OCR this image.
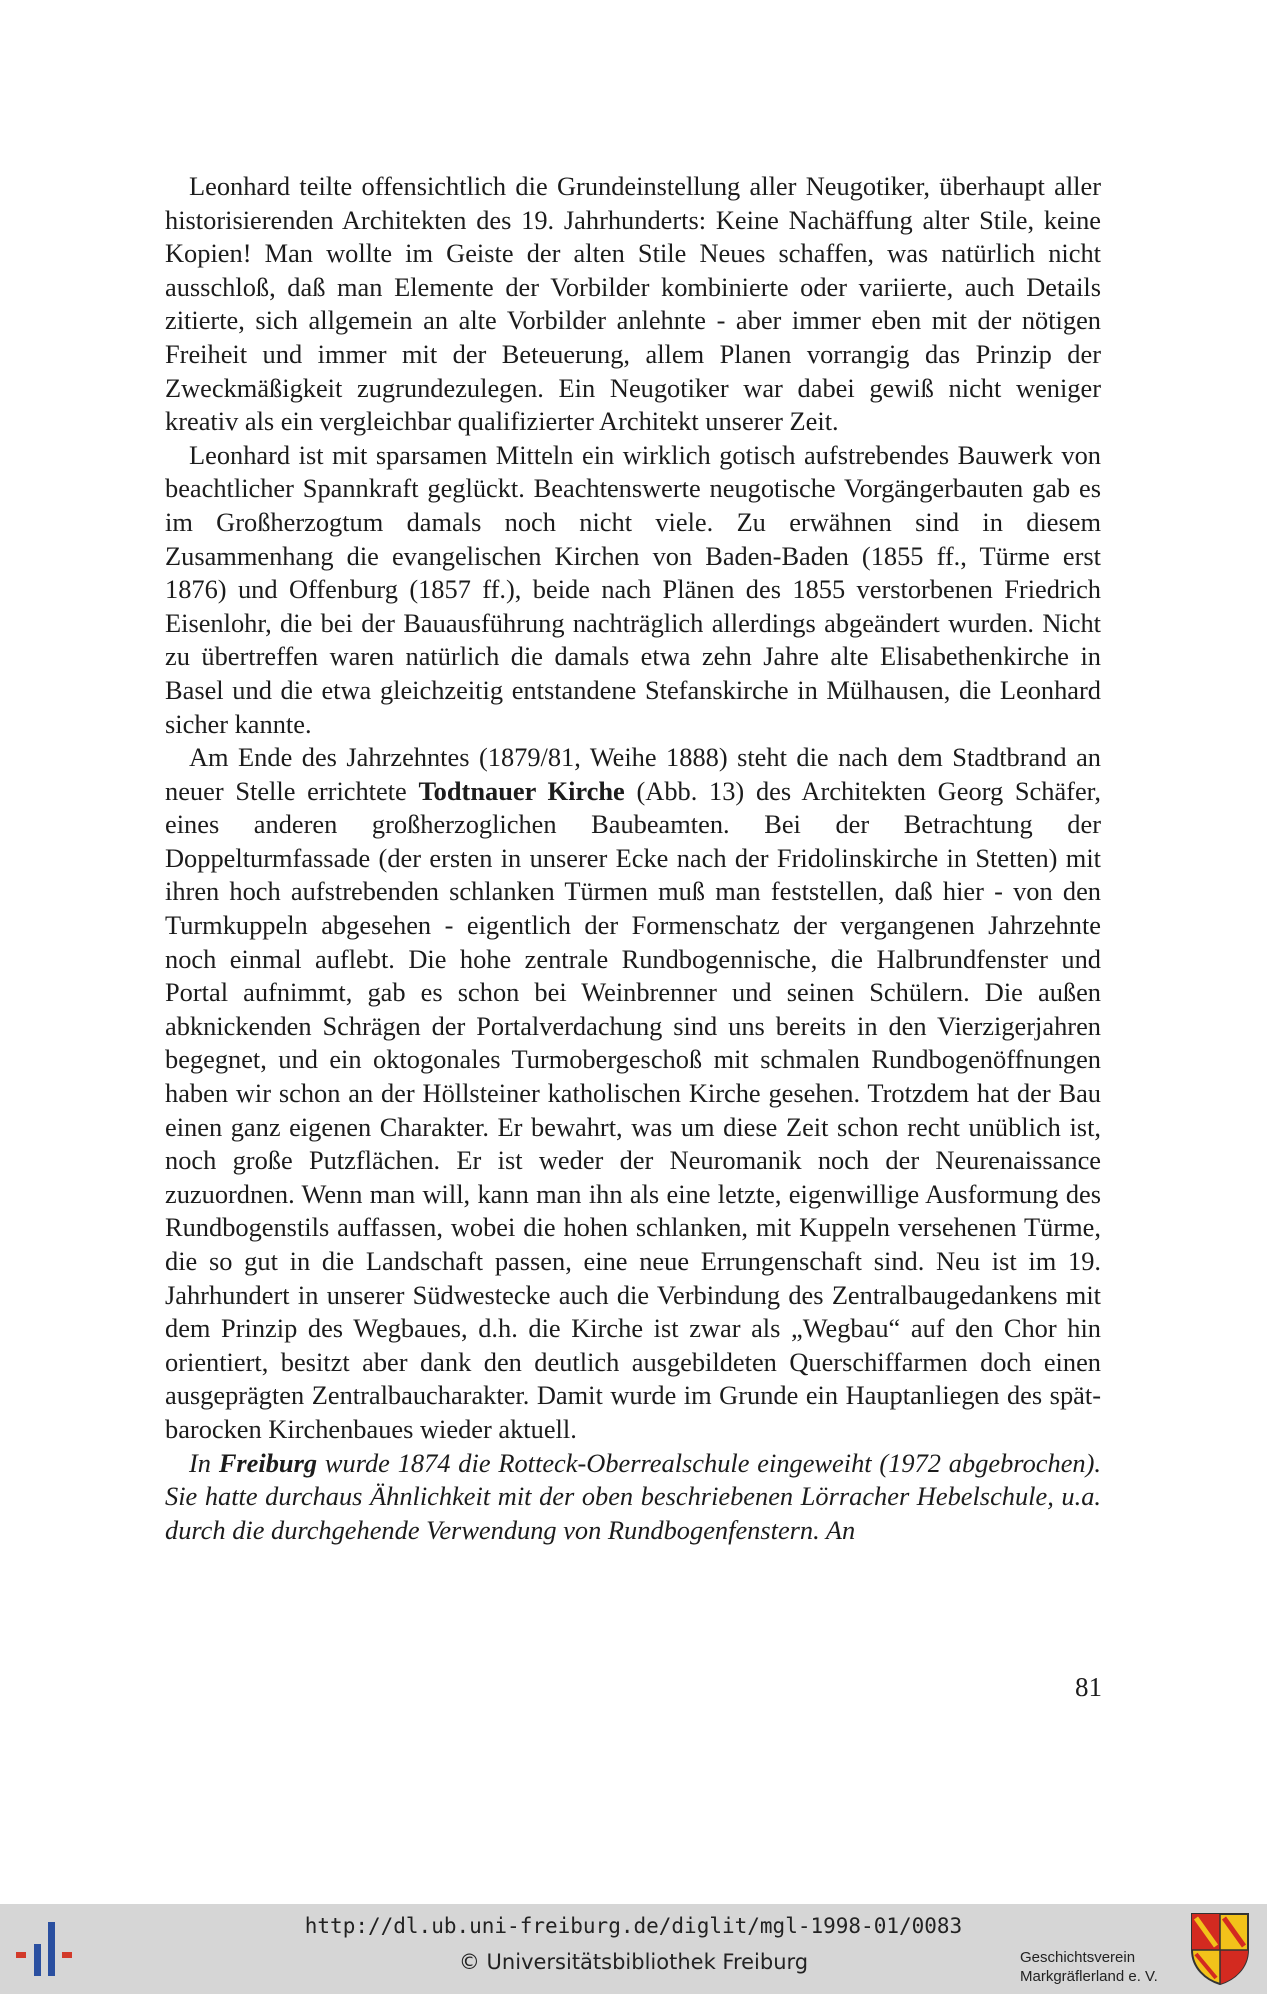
Leonhard teilte offensichtlich die Grundeinstellung aller Neugotiker, überhaupt aller historisierenden Architekten des 19. Jahrhunderts: Keine Nachäffung alter Stile, keine Kopien! Man wollte im Geiste der alten Stile Neues schaffen, was natürlich nicht ausschloß, daß man Elemente der Vorbilder kombinierte oder variierte, auch Details zitierte, sich allgemein an alte Vorbilder anlehnte - aber immer eben mit der nötigen Freiheit und immer mit der Beteuerung, allem Planen vorrangig das Prinzip der Zweckmäßigkeit zugrundezulegen. Ein Neugotiker war dabei gewiß nicht weniger kreativ als ein vergleichbar qualifizierter Architekt unserer Zeit.

Leonhard ist mit sparsamen Mitteln ein wirklich gotisch aufstrebendes Bauwerk von beachtlicher Spannkraft geglückt. Beachtenswerte neugotische Vorgängerbauten gab es im Großherzogtum damals noch nicht viele. Zu erwähnen sind in diesem Zusammenhang die evangelischen Kirchen von Baden-Baden (1855 ff., Türme erst 1876) und Offenburg (1857 ff.), beide nach Plänen des 1855 verstorbenen Friedrich Eisenlohr, die bei der Bauausführung nachträglich allerdings abgeändert wurden. Nicht zu übertreffen waren natürlich die damals etwa zehn Jahre alte Elisabethenkirche in Basel und die etwa gleichzeitig entstandene Stefanskirche in Mülhausen, die Leonhard sicher kannte.

Am Ende des Jahrzehntes (1879/81, Weihe 1888) steht die nach dem Stadtbrand an neuer Stelle errichtete Todtnauer Kirche (Abb. 13) des Architekten Georg Schäfer, eines anderen großherzoglichen Baubeamten. Bei der Betrachtung der Doppelturmfassade (der ersten in unserer Ecke nach der Fridolinskirche in Stetten) mit ihren hoch aufstrebenden schlanken Türmen muß man feststellen, daß hier - von den Turmkuppeln abgesehen - eigentlich der Formenschatz der vergangenen Jahrzehnte noch einmal auflebt. Die hohe zentrale Rundbogennische, die Halbrundfenster und Portal aufnimmt, gab es schon bei Weinbrenner und seinen Schülern. Die außen abknickenden Schrägen der Portalverdachung sind uns bereits in den Vierzigerjahren begegnet, und ein oktogonales Turmobergeschoß mit schmalen Rundbogenöffnungen haben wir schon an der Höllsteiner katholischen Kirche gesehen. Trotzdem hat der Bau einen ganz eigenen Charakter. Er bewahrt, was um diese Zeit schon recht unüblich ist, noch große Putzflächen. Er ist weder der Neuromanik noch der Neurenaissance zuzuordnen. Wenn man will, kann man ihn als eine letzte, eigenwillige Ausformung des Rundbogenstils auffassen, wobei die hohen schlanken, mit Kuppeln versehenen Türme, die so gut in die Landschaft passen, eine neue Errungenschaft sind. Neu ist im 19. Jahrhundert in unserer Südwestecke auch die Verbindung des Zentralbaugedankens mit dem Prinzip des Wegbaues, d.h. die Kirche ist zwar als „Wegbau“ auf den Chor hin orientiert, besitzt aber dank den deutlich ausgebildeten Querschiffarmen doch einen ausgeprägten Zentralbaucharakter. Damit wurde im Grunde ein Hauptanliegen des spätbarocken Kirchenbaues wieder aktuell.

In Freiburg wurde 1874 die Rotteck-Oberrealschule eingeweiht (1972 abgebrochen). Sie hatte durchaus Ähnlichkeit mit der oben beschriebenen Lörracher Hebelschule, u.a. durch die durchgehende Verwendung von Rundbogenfenstern. An

81
http://dl.ub.uni-freiburg.de/diglit/mgl-1998-01/0083
© Universitätsbibliothek Freiburg	Geschichtsverein
Markgräflerland e. V.
